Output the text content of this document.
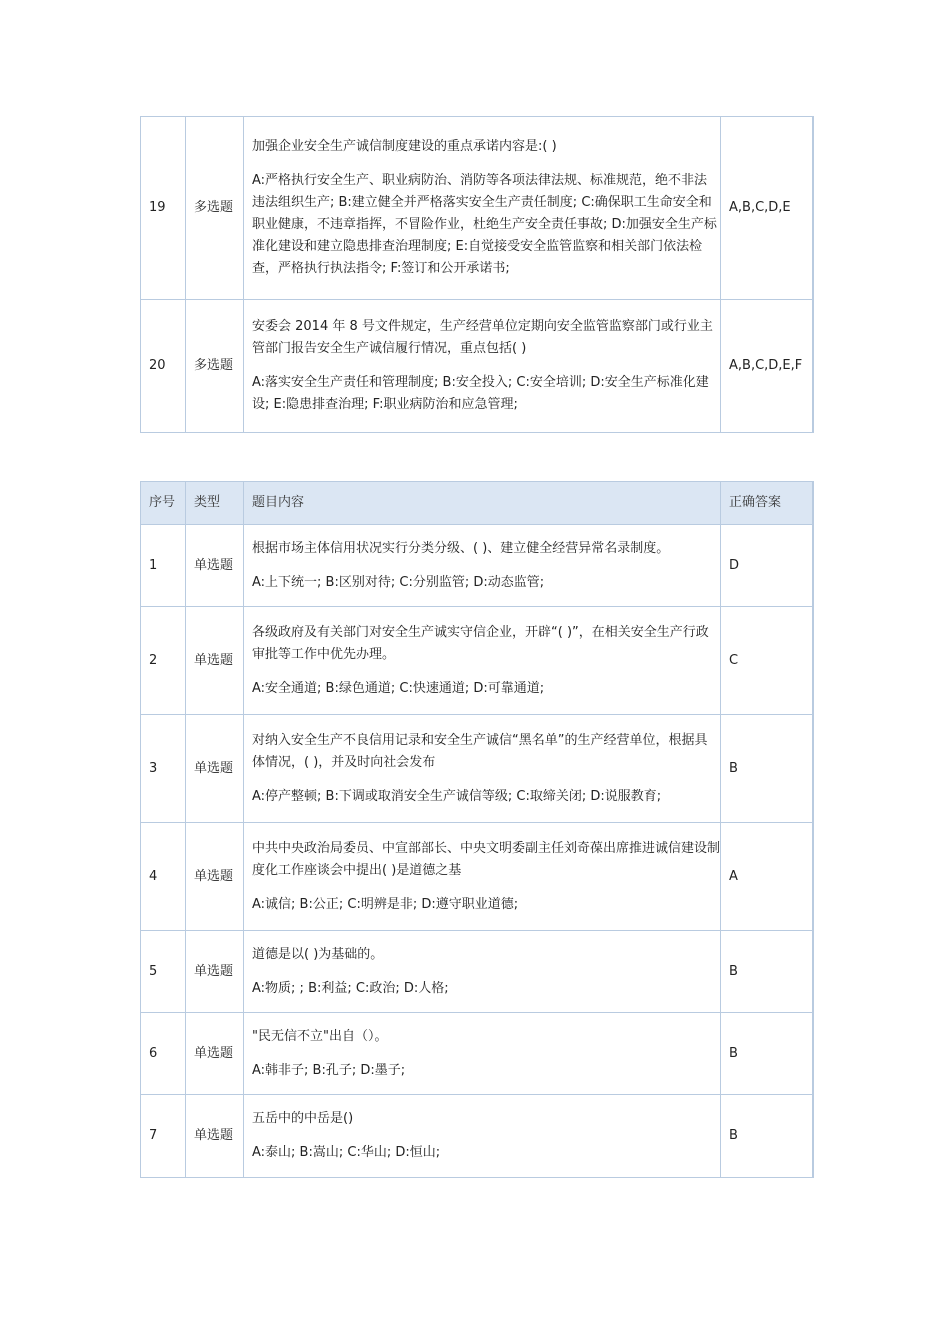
19	多选题	加强企业安全生产诚信制度建设的重点承诺内容是:( )

A:严格执行安全生产、职业病防治、消防等各项法律法规、标准规范，绝不非法违法组织生产; B:建立健全并严格落实安全生产责任制度; C:确保职工生命安全和职业健康，不违章指挥，不冒险作业，杜绝生产安全责任事故; D:加强安全生产标准化建设和建立隐患排查治理制度; E:自觉接受安全监管监察和相关部门依法检查，严格执行执法指令; F:签订和公开承诺书;	A,B,C,D,E
20	多选题	安委会 2014 年 8 号文件规定，生产经营单位定期向安全监管监察部门或行业主管部门报告安全生产诚信履行情况，重点包括( )

A:落实安全生产责任和管理制度; B:安全投入; C:安全培训; D:安全生产标准化建设; E:隐患排查治理; F:职业病防治和应急管理;	A,B,C,D,E,F
序号	类型	题目内容	正确答案
1	单选题	根据市场主体信用状况实行分类分级、( )、建立健全经营异常名录制度。

A:上下统一; B:区别对待; C:分别监管; D:动态监管;	D
2	单选题	各级政府及有关部门对安全生产诚实守信企业，开辟“( )”，在相关安全生产行政审批等工作中优先办理。

A:安全通道; B:绿色通道; C:快速通道; D:可靠通道;	C
3	单选题	对纳入安全生产不良信用记录和安全生产诚信“黑名单”的生产经营单位，根据具体情况，( )，并及时向社会发布

A:停产整顿; B:下调或取消安全生产诚信等级; C:取缔关闭; D:说服教育;	B
4	单选题	中共中央政治局委员、中宣部部长、中央文明委副主任刘奇葆出席推进诚信建设制度化工作座谈会中提出( )是道德之基

A:诚信; B:公正; C:明辨是非; D:遵守职业道德;	A
5	单选题	道德是以( )为基础的。

A:物质; ; B:利益; C:政治; D:人格;	B
6	单选题	"民无信不立"出自（）。

A:韩非子; B:孔子; D:墨子;	B
7	单选题	五岳中的中岳是()

A:泰山; B:嵩山; C:华山; D:恒山;	B
